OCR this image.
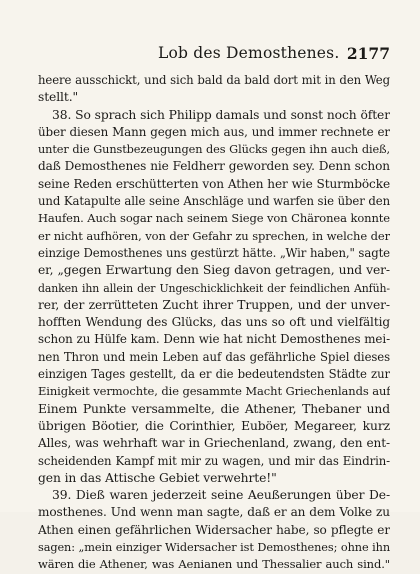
Lob des Demosthenes. 2177
heere ausschickt, und sich bald da bald dort mit in den Weg
stellt."
38. So sprach sich Philipp damals und sonst noch öfter
über diesen Mann gegen mich aus, und immer rechnete er
unter die Gunstbezeugungen des Glücks gegen ihn auch dieß,
daß Demosthenes nie Feldherr geworden sey. Denn schon
seine Reden erschütterten von Athen her wie Sturmböcke
und Katapulte alle seine Anschläge und warfen sie über den
Haufen. Auch sogar nach seinem Siege von Chäronea konnte
er nicht aufhören, von der Gefahr zu sprechen, in welche der
einzige Demosthenes uns gestürzt hätte. „Wir haben," sagte
er, „gegen Erwartung den Sieg davon getragen, und ver-
danken ihn allein der Ungeschicklichkeit der feindlichen Anfüh-
rer, der zerrütteten Zucht ihrer Truppen, und der unver-
hofften Wendung des Glücks, das uns so oft und vielfältig
schon zu Hülfe kam. Denn wie hat nicht Demosthenes mei-
nen Thron und mein Leben auf das gefährliche Spiel dieses
einzigen Tages gestellt, da er die bedeutendsten Städte zur
Einigkeit vermochte, die gesammte Macht Griechenlands auf
Einem Punkte versammelte, die Athener, Thebaner und
übrigen Böotier, die Corinthier, Euböer, Megareer, kurz
Alles, was wehrhaft war in Griechenland, zwang, den ent-
scheidenden Kampf mit mir zu wagen, und mir das Eindrin-
gen in das Attische Gebiet verwehrte!"
39. Dieß waren jederzeit seine Aeußerungen über De-
mosthenes. Und wenn man sagte, daß er an dem Volke zu
Athen einen gefährlichen Widersacher habe, so pflegte er
sagen: „mein einziger Widersacher ist Demosthenes; ohne ihn
wären die Athener, was Aenianen und Thessalier auch sind."
